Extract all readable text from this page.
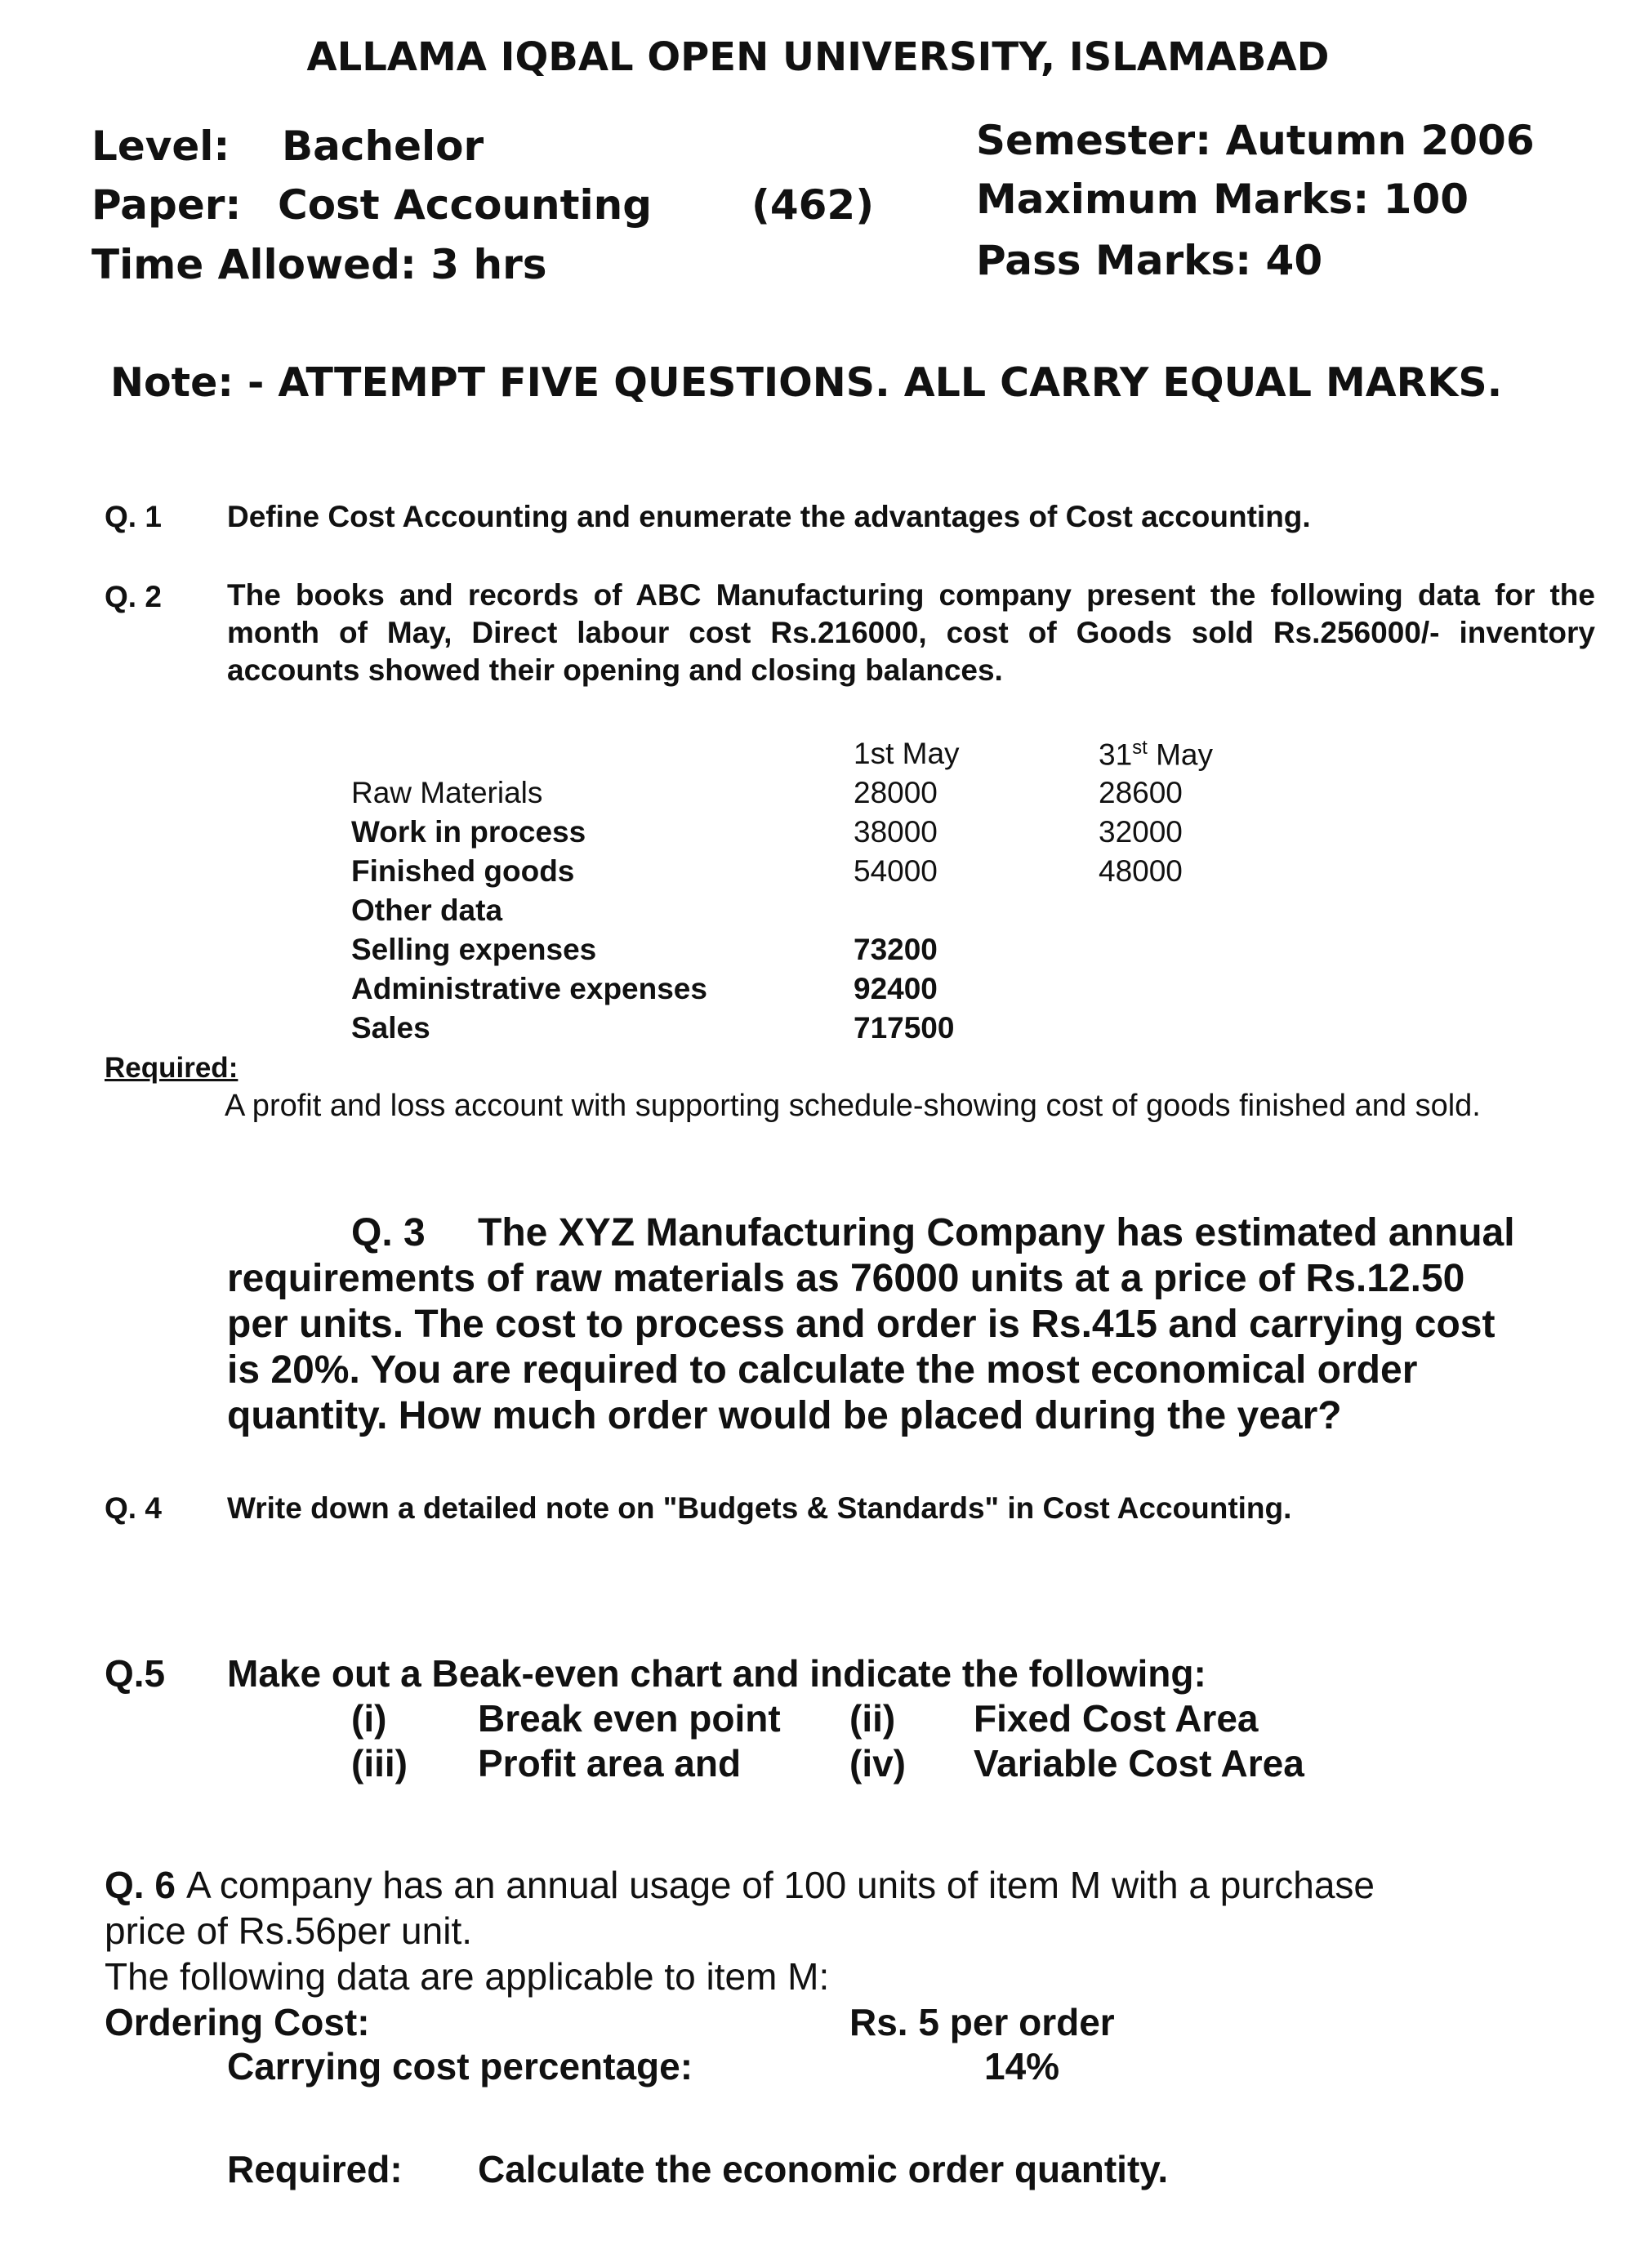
ALLAMA IQBAL OPEN UNIVERSITY, ISLAMABAD
Level: Bachelor
Paper: Cost Accounting (462)
Time Allowed: 3 hrs
Semester: Autumn 2006
Maximum Marks: 100
Pass Marks: 40
Note: - ATTEMPT FIVE QUESTIONS. ALL CARRY EQUAL MARKS.
Q. 1 Define Cost Accounting and enumerate the advantages of Cost accounting.
Q. 2 The books and records of ABC Manufacturing company present the following data for the month of May, Direct labour cost Rs.216000, cost of Goods sold Rs.256000/- inventory accounts showed their opening and closing balances.
1st May	31st May
Raw Materials	28000	28600
Work in process	38000	32000
Finished goods	54000	48000
Other data
Selling expenses	73200
Administrative expenses	92400
Sales	717500
Required:
A profit and loss account with supporting schedule-showing cost of goods finished and sold.
Q. 3 The XYZ Manufacturing Company has estimated annual
requirements of raw materials as 76000 units at a price of Rs.12.50
per units. The cost to process and order is Rs.415 and carrying cost
is 20%. You are required to calculate the most economical order
quantity. How much order would be placed during the year?
Q. 4 Write down a detailed note on "Budgets & Standards" in Cost Accounting.
Q.5 Make out a Beak-even chart and indicate the following:
(i) Break even point (ii) Fixed Cost Area
(iii) Profit area and	(iv) Variable Cost Area
Q. 6 A company has an annual usage of 100 units of item M with a purchase
price of Rs.56per unit.
The following data are applicable to item M:
Ordering Cost:	Rs. 5 per order
Carrying cost percentage:	14%
Required: Calculate the economic order quantity.
